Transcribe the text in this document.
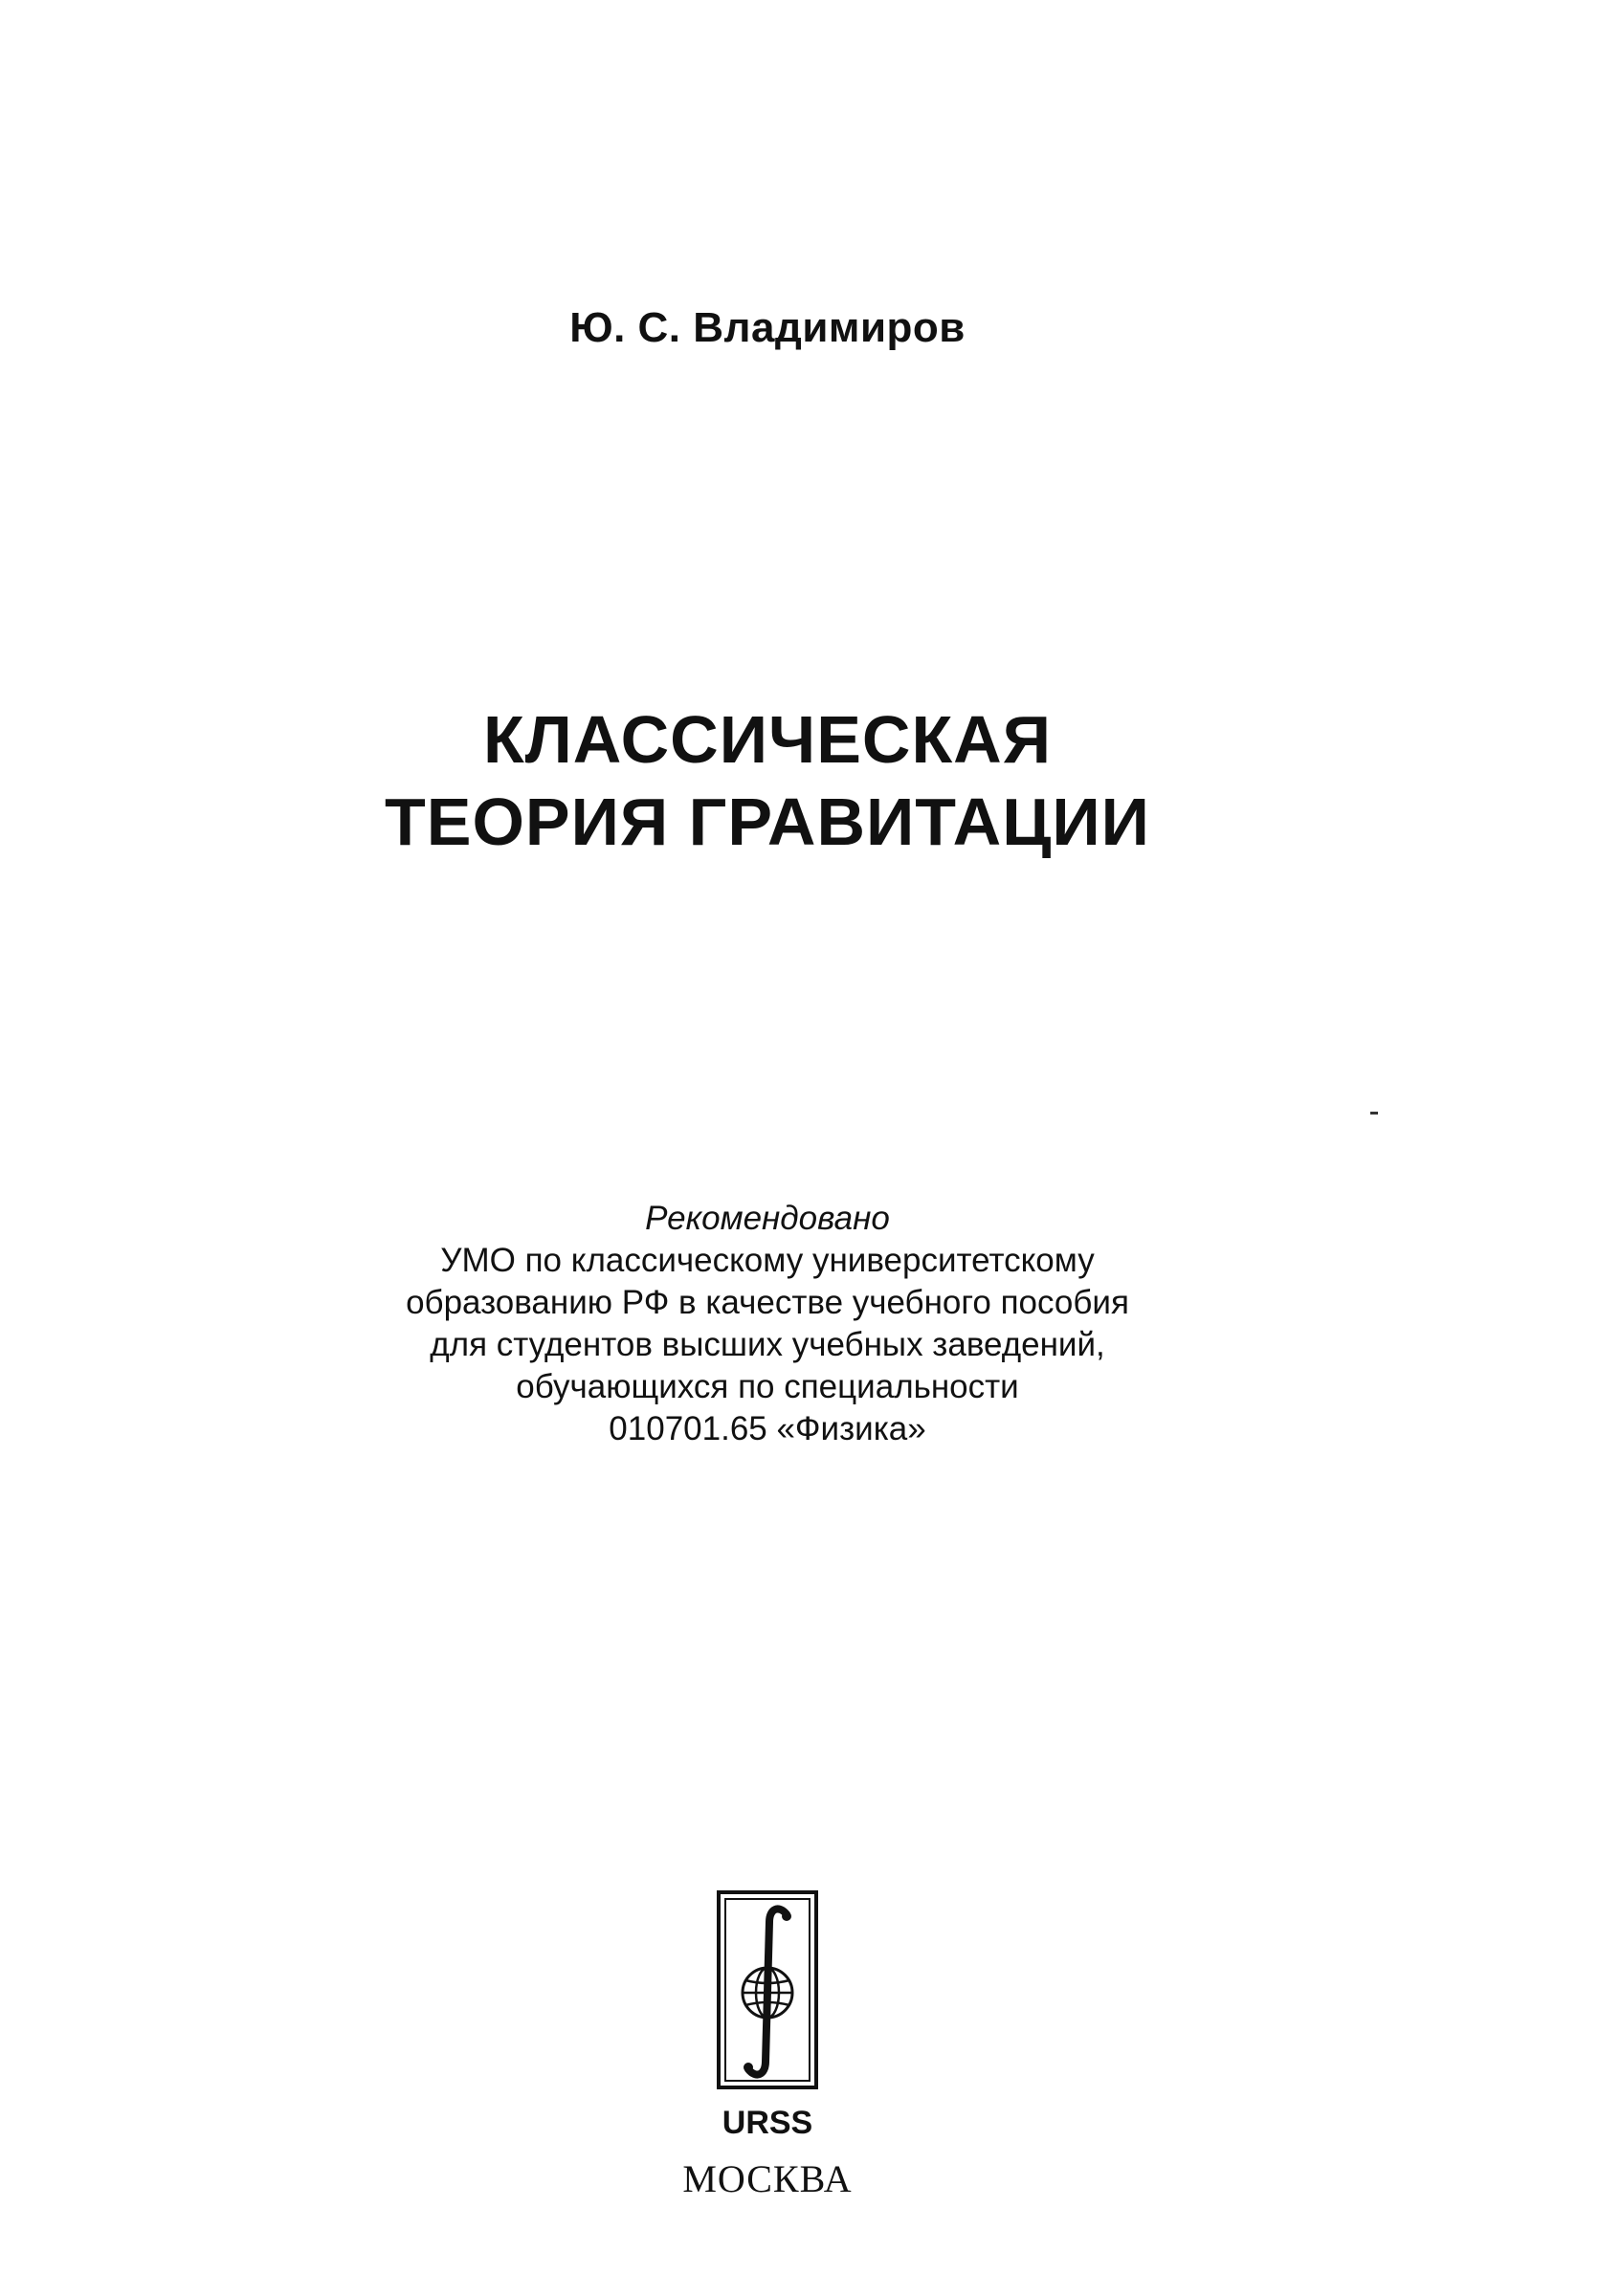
Ю. С. Владимиров
КЛАССИЧЕСКАЯ
ТЕОРИЯ ГРАВИТАЦИИ
Рекомендовано
УМО по классическому университетскому
образованию РФ в качестве учебного пособия
для студентов высших учебных заведений,
обучающихся по специальности
010701.65 «Физика»
URSS
МОСКВА
